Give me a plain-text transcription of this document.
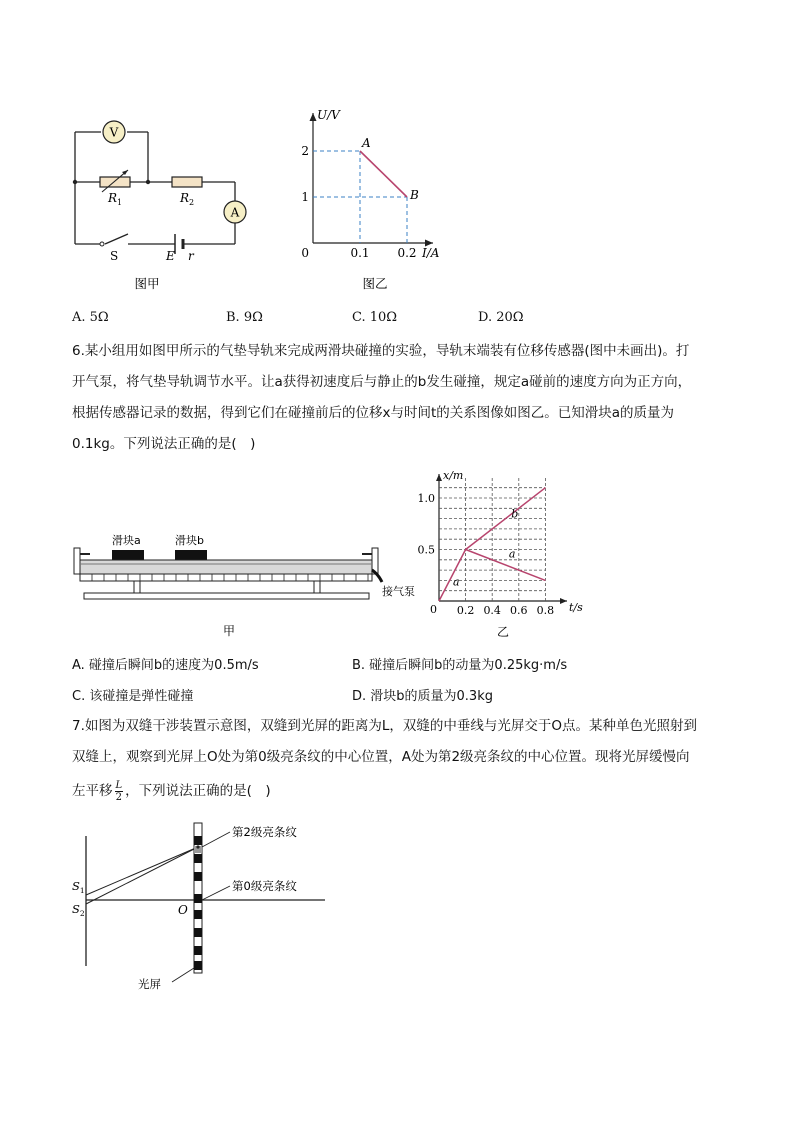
V
A
$R_1$	$R_2$
S	E r
图甲
U/V
I/A
0
2
1
0.1 0.2
A
B
图乙
A. 5Ω	B. 9Ω	C. 10Ω	D. 20Ω
6.某小组用如图甲所示的气垫导轨来完成两滑块碰撞的实验，导轨末端装有位移传感器(图中未画出)。打
开气泵，将气垫导轨调节水平。让a获得初速度后与静止的b发生碰撞，规定a碰前的速度方向为正方向，
根据传感器记录的数据，得到它们在碰撞前后的位移x与时间t的关系图像如图乙。已知滑块a的质量为
0.1kg。下列说法正确的是(　)
滑块a	滑块b
接气泵
甲
x/m
t/s
0
1.0
0.5
0.2 0.4 0.6 0.8
a
a
b
乙
A. 碰撞后瞬间b的速度为0.5m/s	B. 碰撞后瞬间b的动量为0.25kg·m/s
C. 该碰撞是弹性碰撞	D. 滑块b的质量为0.3kg
7.如图为双缝干涉装置示意图，双缝到光屏的距离为L，双缝的中垂线与光屏交于O点。某种单色光照射到
双缝上，观察到光屏上O处为第0级亮条纹的中心位置，A处为第2级亮条纹的中心位置。现将光屏缓慢向
左平移 $\frac{L}{2}$ ，下列说法正确的是(　)
第2级亮条纹
第0级亮条纹
$S_1$
$S_2$	O
光屏
